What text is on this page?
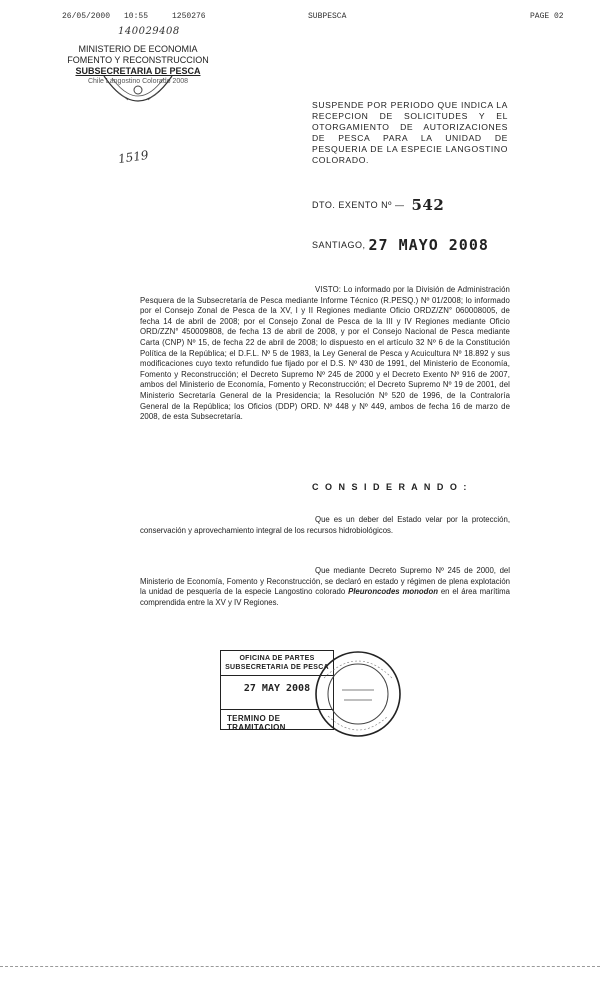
26/05/2000 10:55	1250276	SUBPESCA	PAGE 02
140029408
MINISTERIO DE ECONOMIA
FOMENTO Y RECONSTRUCCION
SUBSECRETARIA DE PESCA
Chile Langostino Colorado 2008
1519
SUSPENDE POR PERIODO QUE INDICA LA RECEPCION DE SOLICITUDES Y EL OTORGAMIENTO DE AUTORIZACIONES DE PESCA PARA LA UNIDAD DE PESQUERIA DE LA ESPECIE LANGOSTINO COLORADO.
DTO. EXENTO Nº — 542
SANTIAGO, 27 MAYO 2008
VISTO: Lo informado por la División de Administración Pesquera de la Subsecretaría de Pesca mediante Informe Técnico (R.PESQ.) Nº 01/2008; lo informado por el Consejo Zonal de Pesca de la XV, I y II Regiones mediante Oficio ORDZ/ZN° 060008005, de fecha 14 de abril de 2008; por el Consejo Zonal de Pesca de la III y IV Regiones mediante Oficio ORD/ZZN° 450009808, de fecha 13 de abril de 2008, y por el Consejo Nacional de Pesca mediante Carta (CNP) Nº 15, de fecha 22 de abril de 2008; lo dispuesto en el artículo 32 Nº 6 de la Constitución Política de la República; el D.F.L. Nº 5 de 1983, la Ley General de Pesca y Acuicultura Nº 18.892 y sus modificaciones cuyo texto refundido fue fijado por el D.S. Nº 430 de 1991, del Ministerio de Economía, Fomento y Reconstrucción; el Decreto Supremo Nº 245 de 2000 y el Decreto Exento Nº 916 de 2007, ambos del Ministerio de Economía, Fomento y Reconstrucción; el Decreto Supremo Nº 19 de 2001, del Ministerio Secretaría General de la Presidencia; la Resolución Nº 520 de 1996, de la Contraloría General de la República; los Oficios (DDP) ORD. Nº 448 y Nº 449, ambos de fecha 16 de marzo de 2008, de esta Subsecretaría.
C O N S I D E R A N D O :
Que es un deber del Estado velar por la protección, conservación y aprovechamiento integral de los recursos hidrobiológicos.
Que mediante Decreto Supremo Nº 245 de 2000, del Ministerio de Economía, Fomento y Reconstrucción, se declaró en estado y régimen de plena explotación la unidad de pesquería de la especie Langostino colorado Pleuroncodes monodon en el área marítima comprendida entre la XV y IV Regiones.
OFICINA DE PARTES
SUBSECRETARIA DE PESCA
27 MAY 2008
TERMINO DE TRAMITACION
